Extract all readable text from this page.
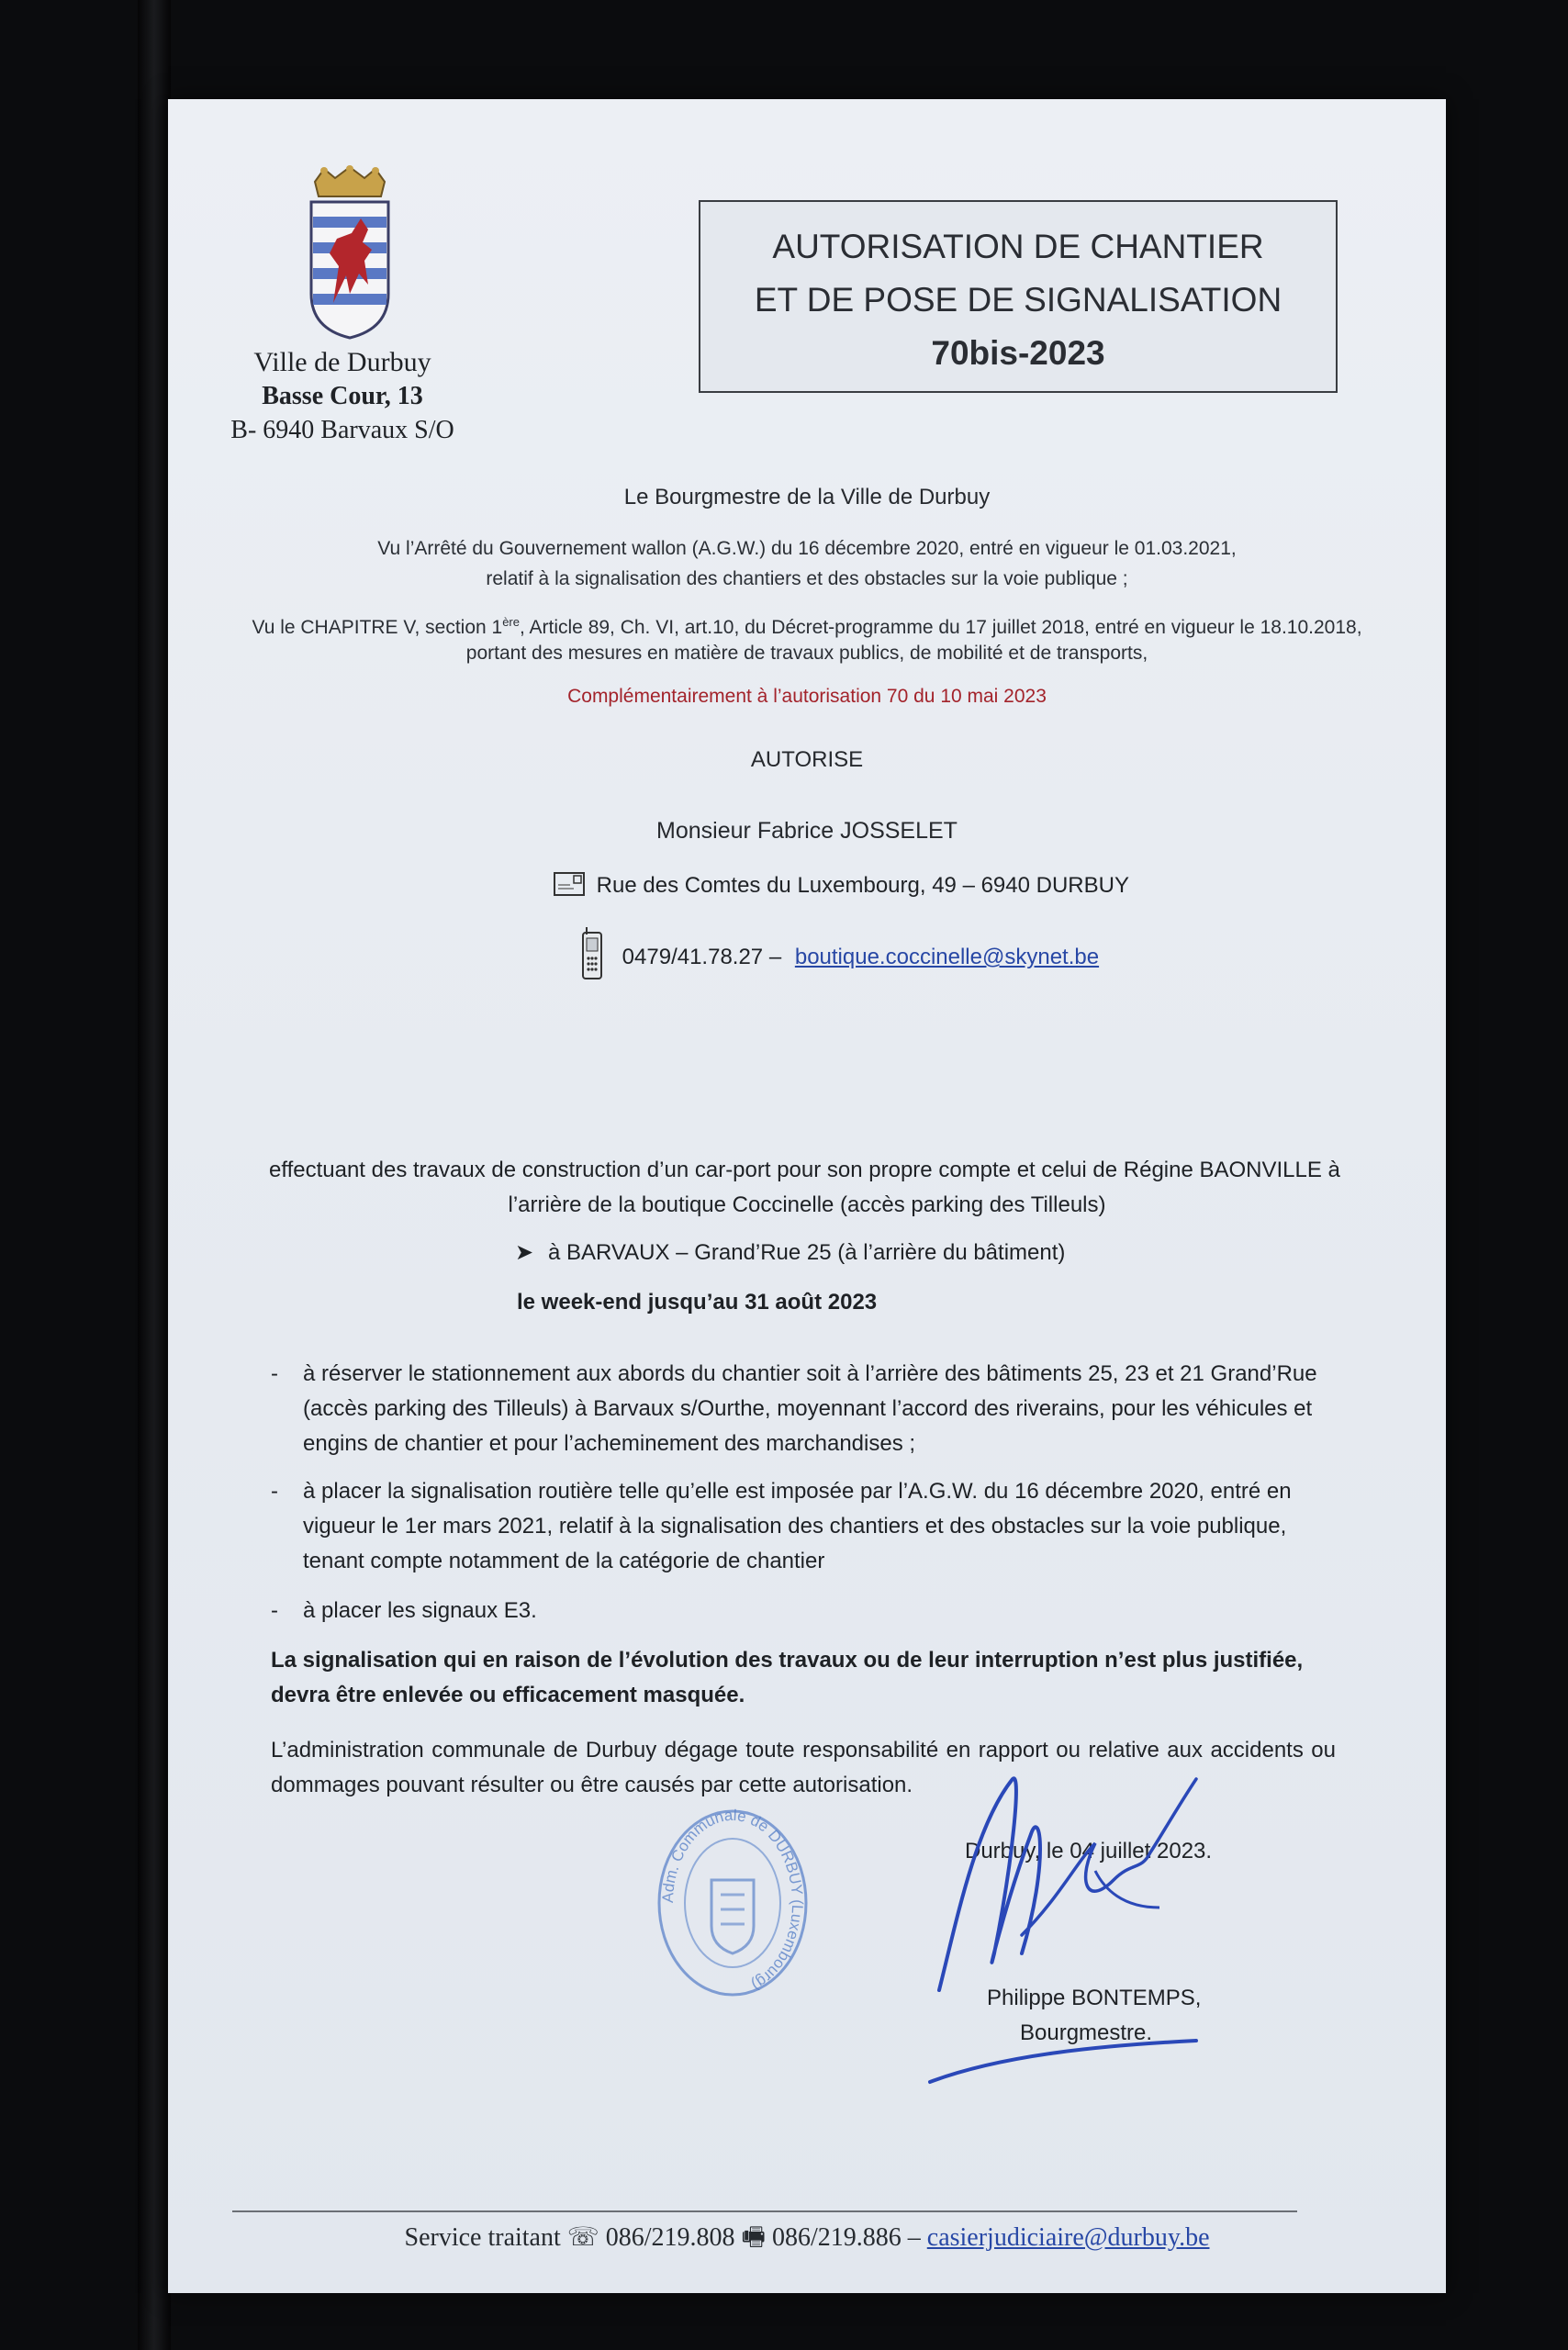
Ville de Durbuy
Basse Cour, 13
B- 6940 Barvaux S/O
AUTORISATION DE CHANTIER
ET DE POSE DE SIGNALISATION
70bis-2023
Le Bourgmestre de la Ville de Durbuy
Vu l’Arrêté du Gouvernement wallon (A.G.W.) du 16 décembre 2020, entré en vigueur le 01.03.2021,
relatif à la signalisation des chantiers et des obstacles sur la voie publique ;
Vu le CHAPITRE V, section 1ère, Article 89, Ch. VI, art.10, du Décret-programme du 17 juillet 2018, entré en vigueur le 18.10.2018,
portant des mesures en matière de travaux publics, de mobilité et de transports,
Complémentairement à l’autorisation 70 du 10 mai 2023
AUTORISE
Monsieur Fabrice JOSSELET
Rue des Comtes du Luxembourg, 49 – 6940 DURBUY
0479/41.78.27 – boutique.coccinelle@skynet.be
effectuant des travaux de construction d’un car-port pour son propre compte et celui de Régine BAONVILLE à
l’arrière de la boutique Coccinelle (accès parking des Tilleuls)
➤ à BARVAUX – Grand’Rue 25 (à l’arrière du bâtiment)
le week-end jusqu’au 31 août 2023
- à réserver le stationnement aux abords du chantier soit à l’arrière des bâtiments 25, 23 et 21 Grand’Rue (accès parking des Tilleuls) à Barvaux s/Ourthe, moyennant l’accord des riverains, pour les véhicules et engins de chantier et pour l’acheminement des marchandises ;
- à placer la signalisation routière telle qu’elle est imposée par l’A.G.W. du 16 décembre 2020, entré en vigueur le 1er mars 2021, relatif à la signalisation des chantiers et des obstacles sur la voie publique, tenant compte notamment de la catégorie de chantier
- à placer les signaux E3.
La signalisation qui en raison de l’évolution des travaux ou de leur interruption n’est plus justifiée, devra être enlevée ou efficacement masquée.
L’administration communale de Durbuy dégage toute responsabilité en rapport ou relative aux accidents ou dommages pouvant résulter ou être causés par cette autorisation.
Durbuy, le 04 juillet 2023.
Philippe BONTEMPS,
Bourgmestre.
Adm. Communale de DURBUY (Luxembourg)
Service traitant ☏ 086/219.808 🖷 086/219.886 – casierjudiciaire@durbuy.be
